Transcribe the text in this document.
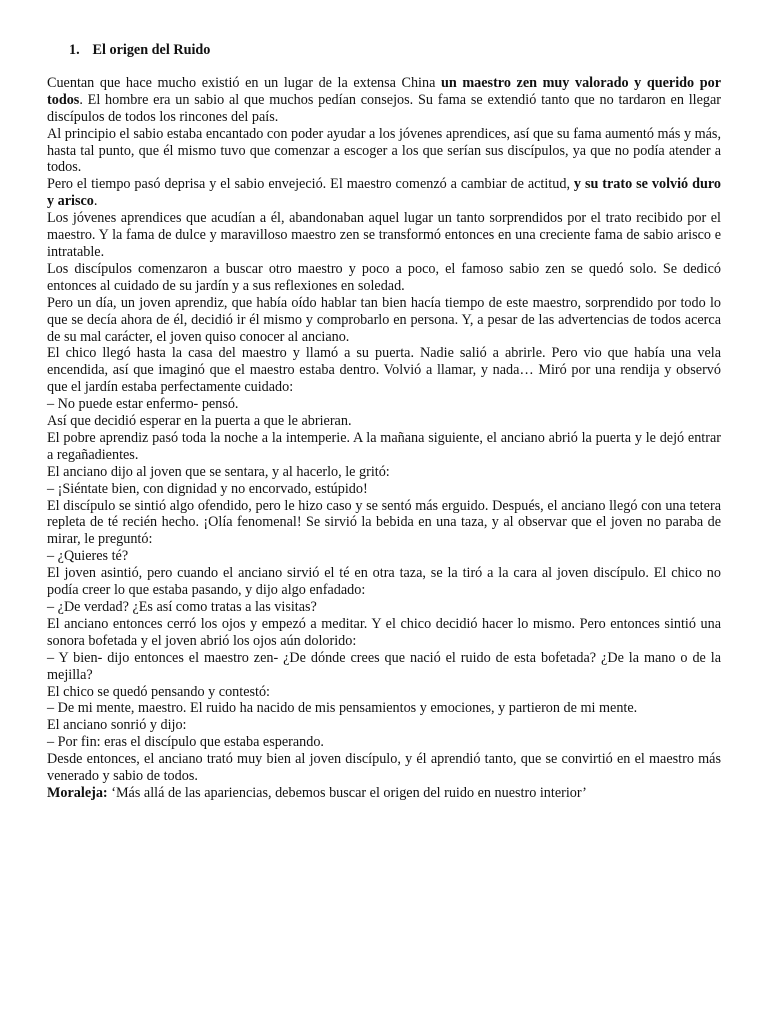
1. El origen del Ruido

Cuentan que hace mucho existió en un lugar de la extensa China un maestro zen muy valorado y querido por todos. El hombre era un sabio al que muchos pedían consejos. Su fama se extendió tanto que no tardaron en llegar discípulos de todos los rincones del país.

Al principio el sabio estaba encantado con poder ayudar a los jóvenes aprendices, así que su fama aumentó más y más, hasta tal punto, que él mismo tuvo que comenzar a escoger a los que serían sus discípulos, ya que no podía atender a todos.

Pero el tiempo pasó deprisa y el sabio envejeció. El maestro comenzó a cambiar de actitud, y su trato se volvió duro y arisco.

Los jóvenes aprendices que acudían a él, abandonaban aquel lugar un tanto sorprendidos por el trato recibido por el maestro. Y la fama de dulce y maravilloso maestro zen se transformó entonces en una creciente fama de sabio arisco e intratable.

Los discípulos comenzaron a buscar otro maestro y poco a poco, el famoso sabio zen se quedó solo. Se dedicó entonces al cuidado de su jardín y a sus reflexiones en soledad.

Pero un día, un joven aprendiz, que había oído hablar tan bien hacía tiempo de este maestro, sorprendido por todo lo que se decía ahora de él, decidió ir él mismo y comprobarlo en persona. Y, a pesar de las advertencias de todos acerca de su mal carácter, el joven quiso conocer al anciano.

El chico llegó hasta la casa del maestro y llamó a su puerta. Nadie salió a abrirle. Pero vio que había una vela encendida, así que imaginó que el maestro estaba dentro. Volvió a llamar, y nada… Miró por una rendija y observó que el jardín estaba perfectamente cuidado:

– No puede estar enfermo- pensó.

Así que decidió esperar en la puerta a que le abrieran.

El pobre aprendiz pasó toda la noche a la intemperie. A la mañana siguiente, el anciano abrió la puerta y le dejó entrar a regañadientes.

El anciano dijo al joven que se sentara, y al hacerlo, le gritó:

– ¡Siéntate bien, con dignidad y no encorvado, estúpido!

El discípulo se sintió algo ofendido, pero le hizo caso y se sentó más erguido. Después, el anciano llegó con una tetera repleta de té recién hecho. ¡Olía fenomenal! Se sirvió la bebida en una taza, y al observar que el joven no paraba de mirar, le preguntó:

– ¿Quieres té?

El joven asintió, pero cuando el anciano sirvió el té en otra taza, se la tiró a la cara al joven discípulo. El chico no podía creer lo que estaba pasando, y dijo algo enfadado:

– ¿De verdad? ¿Es así como tratas a las visitas?

El anciano entonces cerró los ojos y empezó a meditar. Y el chico decidió hacer lo mismo. Pero entonces sintió una sonora bofetada y el joven abrió los ojos aún dolorido:

– Y bien- dijo entonces el maestro zen- ¿De dónde crees que nació el ruido de esta bofetada? ¿De la mano o de la mejilla?

El chico se quedó pensando y contestó:

– De mi mente, maestro. El ruido ha nacido de mis pensamientos y emociones, y partieron de mi mente.

El anciano sonrió y dijo:

– Por fin: eras el discípulo que estaba esperando.

Desde entonces, el anciano trató muy bien al joven discípulo, y él aprendió tanto, que se convirtió en el maestro más venerado y sabio de todos.

Moraleja: ‘Más allá de las apariencias, debemos buscar el origen del ruido en nuestro interior’
